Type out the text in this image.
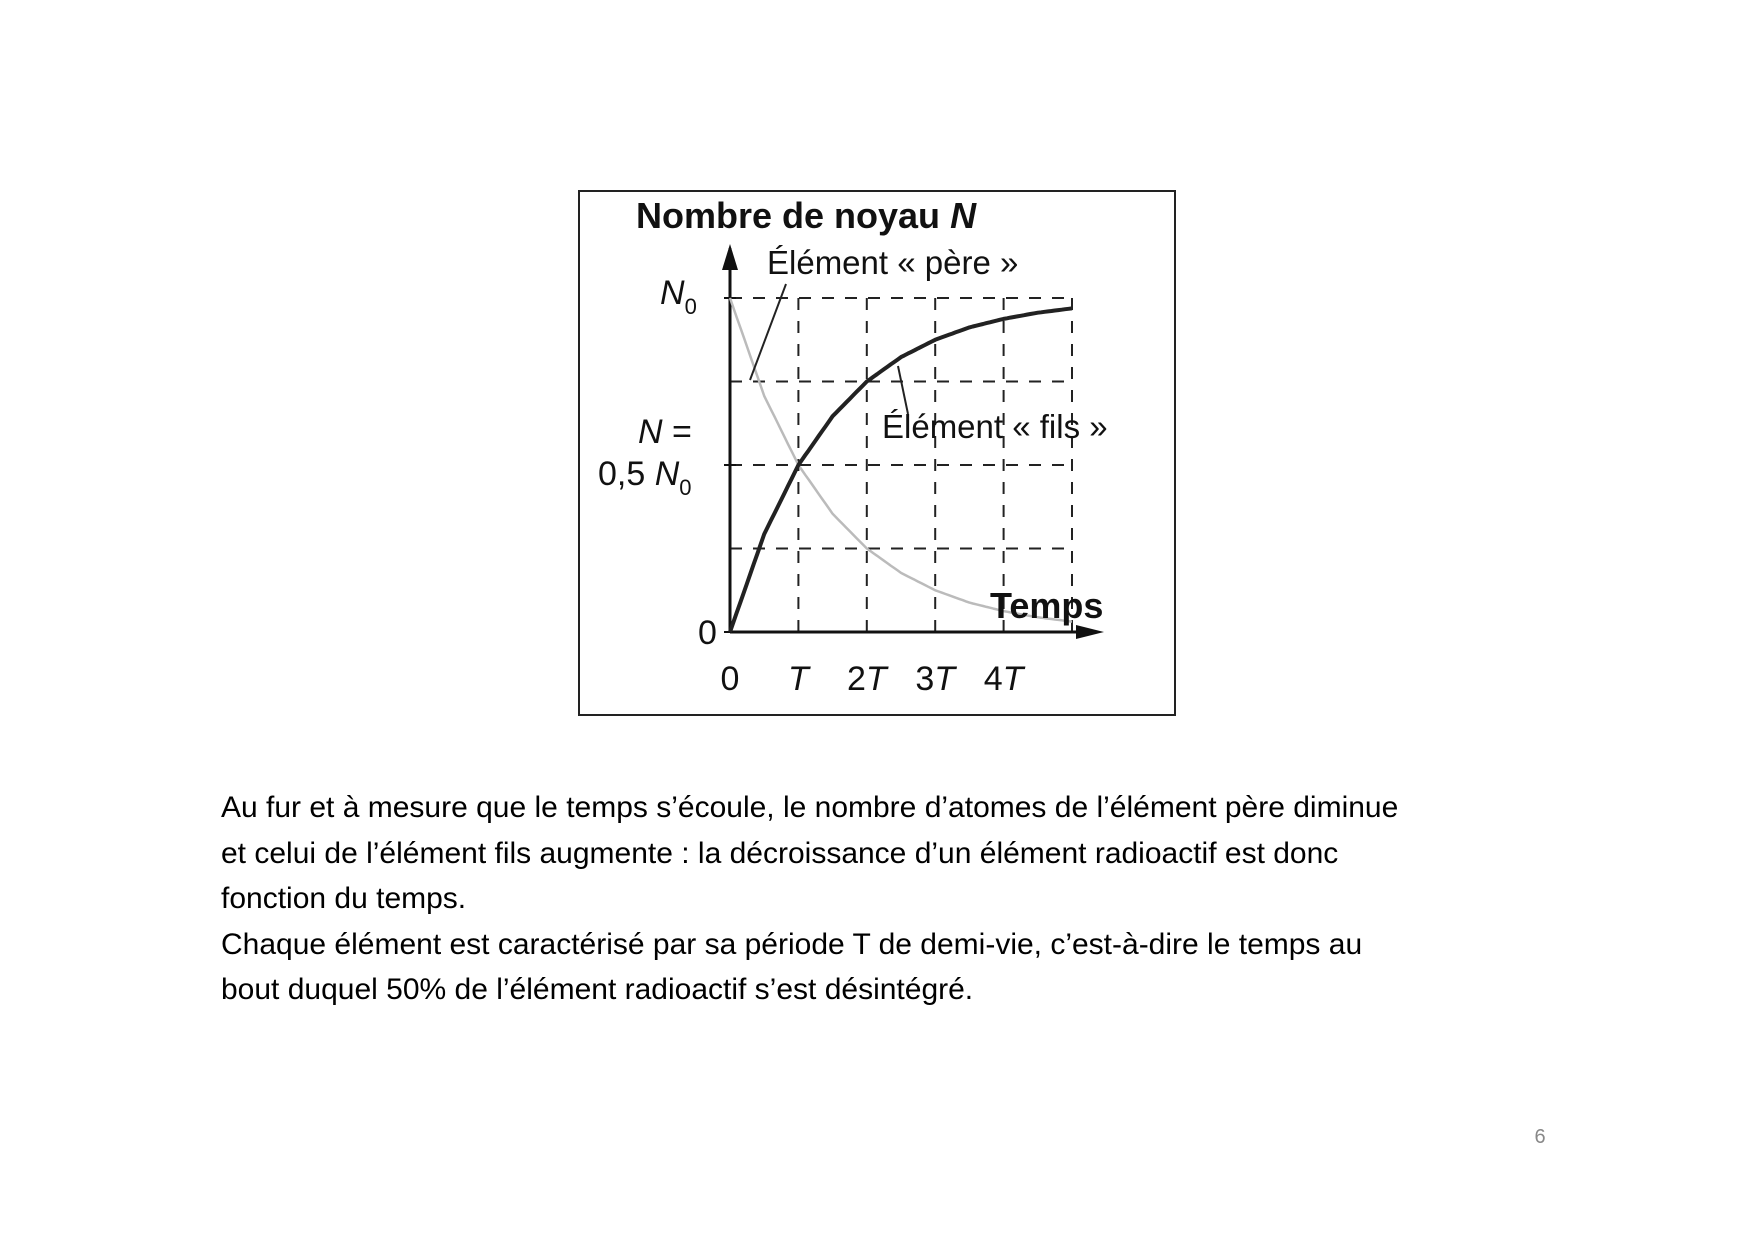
Nombre de noyau N
0
N =
0,5 $N_0$
$N_0$
0 T 2T 3T 4T
Élément « père »
Élément « fils »
Temps

Au fur et à mesure que le temps s’écoule, le nombre d’atomes de l’élément père diminue

et celui de l’élément fils augmente : la décroissance d’un élément radioactif est donc

fonction du temps.

Chaque élément est caractérisé par sa période T de demi-vie, c’est-à-dire le temps au

bout duquel 50% de l’élément radioactif s’est désintégré.

6
